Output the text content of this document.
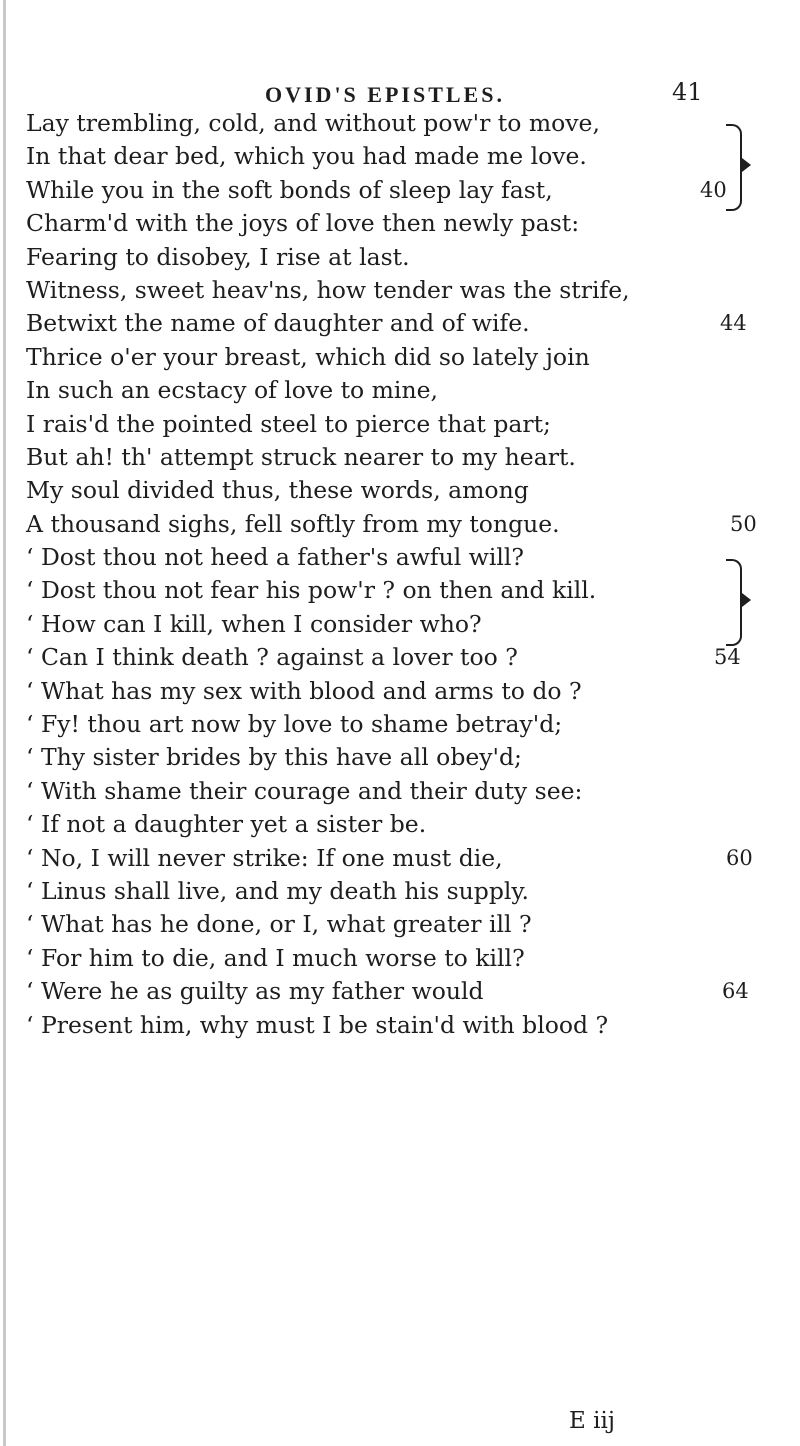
OVID'S EPISTLES.	41
Lay trembling, cold, and without pow'r to move,
In that dear bed, which you had made me love.
While you in the soft bonds of sleep lay fast,	40
Charm'd with the joys of love then newly past:
Fearing to disobey, I rise at last.
Witness, sweet heav'ns, how tender was the strife,
Betwixt the name of daughter and of wife.	44
Thrice o'er your breast, which did so lately join
In such an ecstacy of love to mine,
I rais'd the pointed steel to pierce that part;
But ah! th' attempt struck nearer to my heart.
My soul divided thus, these words, among
A thousand sighs, fell softly from my tongue.	50
‘ Dost thou not heed a father's awful will?
‘ Dost thou not fear his pow'r ? on then and kill.
‘ How can I kill, when I consider who?
‘ Can I think death ? against a lover too ?	54
‘ What has my sex with blood and arms to do ?
‘ Fy! thou art now by love to shame betray'd;
‘ Thy sister brides by this have all obey'd;
‘ With shame their courage and their duty see:
‘ If not a daughter yet a sister be.
‘ No, I will never strike: If one must die,	60
‘ Linus shall live, and my death his supply.
‘ What has he done, or I, what greater ill ?
‘ For him to die, and I much worse to kill?
‘ Were he as guilty as my father would	64
‘ Present him, why must I be stain'd with blood ?
E iij
